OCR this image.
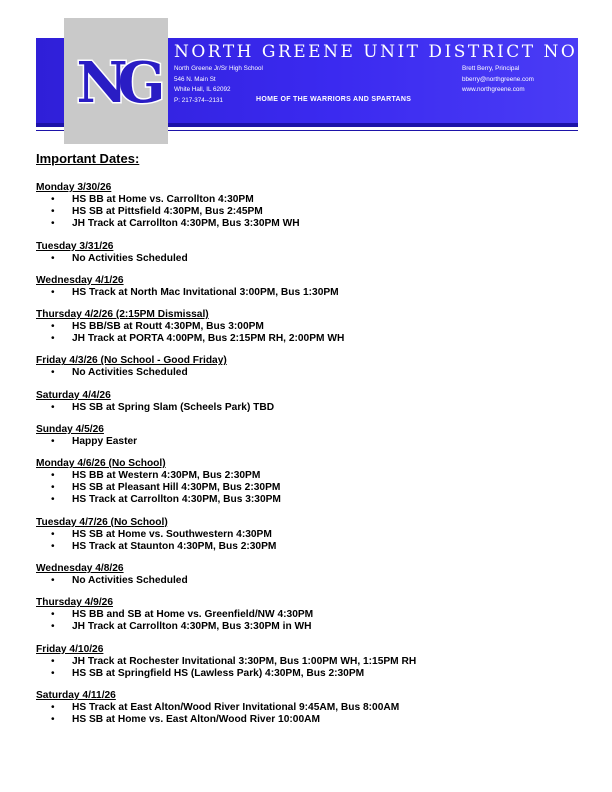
NG	NORTH GREENE UNIT DISTRICT NO. 3
North Greene Jr/Sr High School
546 N. Main St
White Hall, IL 62092
P: 217-374--2131
Brett Berry, Principal
bberry@northgreene.com
www.northgreene.com
HOME OF THE WARRIORS AND SPARTANS
Important Dates:
Monday 3/30/26
• HS BB at Home vs. Carrollton 4:30PM
• HS SB at Pittsfield 4:30PM, Bus 2:45PM
• JH Track at Carrollton 4:30PM, Bus 3:30PM WH
Tuesday 3/31/26
• No Activities Scheduled
Wednesday 4/1/26
• HS Track at North Mac Invitational 3:00PM, Bus 1:30PM
Thursday 4/2/26 (2:15PM Dismissal)
• HS BB/SB at Routt 4:30PM, Bus 3:00PM
• JH Track at PORTA 4:00PM, Bus 2:15PM RH, 2:00PM WH
Friday 4/3/26 (No School - Good Friday)
• No Activities Scheduled
Saturday 4/4/26
• HS SB at Spring Slam (Scheels Park) TBD
Sunday 4/5/26
• Happy Easter
Monday 4/6/26 (No School)
• HS BB at Western 4:30PM, Bus 2:30PM
• HS SB at Pleasant Hill 4:30PM, Bus 2:30PM
• HS Track at Carrollton 4:30PM, Bus 3:30PM
Tuesday 4/7/26 (No School)
• HS SB at Home vs. Southwestern 4:30PM
• HS Track at Staunton 4:30PM, Bus 2:30PM
Wednesday 4/8/26
• No Activities Scheduled
Thursday 4/9/26
• HS BB and SB at Home vs. Greenfield/NW 4:30PM
• JH Track at Carrollton 4:30PM, Bus 3:30PM in WH
Friday 4/10/26
• JH Track at Rochester Invitational 3:30PM, Bus 1:00PM WH, 1:15PM RH
• HS SB at Springfield HS (Lawless Park) 4:30PM, Bus 2:30PM
Saturday 4/11/26
• HS Track at East Alton/Wood River Invitational 9:45AM, Bus 8:00AM
• HS SB at Home vs. East Alton/Wood River 10:00AM
